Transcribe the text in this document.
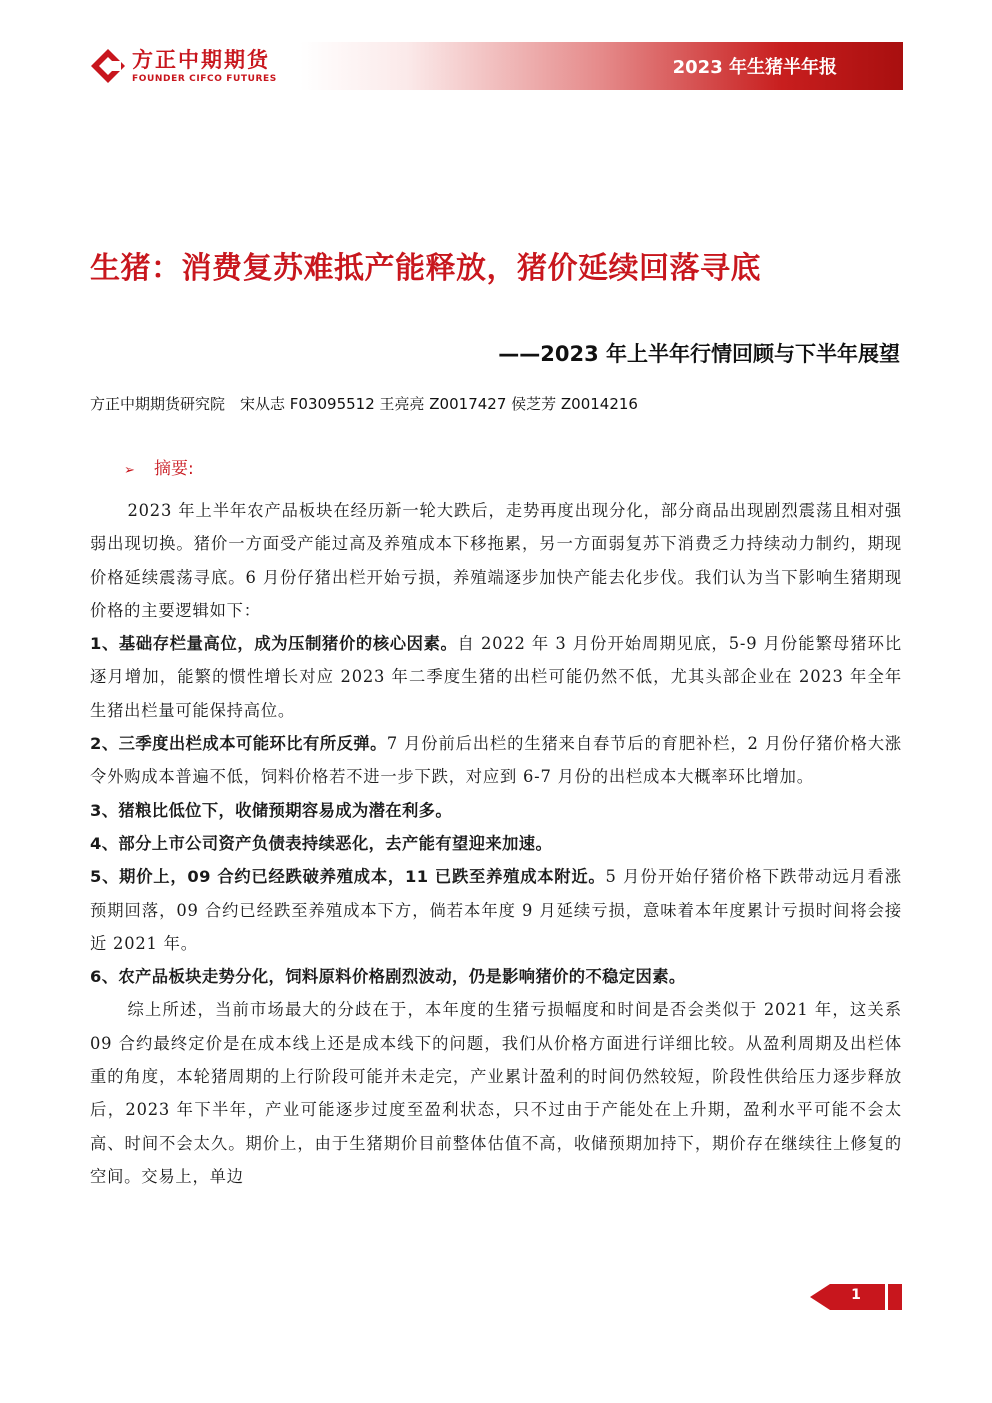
方正中期期货
FOUNDER CIFCO FUTURES
2023 年生猪半年报
生猪：消费复苏难抵产能释放，猪价延续回落寻底
——2023 年上半年行情回顾与下半年展望
方正中期期货研究院　宋从志 F03095512 王亮亮 Z0017427 侯芝芳 Z0014216
➢ 摘要:

2023 年上半年农产品板块在经历新一轮大跌后，走势再度出现分化，部分商品出现剧烈震荡且相对强弱出现切换。猪价一方面受产能过高及养殖成本下移拖累，另一方面弱复苏下消费乏力持续动力制约，期现价格延续震荡寻底。6 月份仔猪出栏开始亏损，养殖端逐步加快产能去化步伐。我们认为当下影响生猪期现价格的主要逻辑如下：

1、基础存栏量高位，成为压制猪价的核心因素。自 2022 年 3 月份开始周期见底，5-9 月份能繁母猪环比逐月增加，能繁的惯性增长对应 2023 年二季度生猪的出栏可能仍然不低，尤其头部企业在 2023 年全年生猪出栏量可能保持高位。

2、三季度出栏成本可能环比有所反弹。7 月份前后出栏的生猪来自春节后的育肥补栏，2 月份仔猪价格大涨令外购成本普遍不低，饲料价格若不进一步下跌，对应到 6-7 月份的出栏成本大概率环比增加。

3、猪粮比低位下，收储预期容易成为潜在利多。

4、部分上市公司资产负债表持续恶化，去产能有望迎来加速。

5、期价上，09 合约已经跌破养殖成本，11 已跌至养殖成本附近。5 月份开始仔猪价格下跌带动远月看涨预期回落，09 合约已经跌至养殖成本下方，倘若本年度 9 月延续亏损，意味着本年度累计亏损时间将会接近 2021 年。

6、农产品板块走势分化，饲料原料价格剧烈波动，仍是影响猪价的不稳定因素。

综上所述，当前市场最大的分歧在于，本年度的生猪亏损幅度和时间是否会类似于 2021 年，这关系 09 合约最终定价是在成本线上还是成本线下的问题，我们从价格方面进行详细比较。从盈利周期及出栏体重的角度，本轮猪周期的上行阶段可能并未走完，产业累计盈利的时间仍然较短，阶段性供给压力逐步释放后，2023 年下半年，产业可能逐步过度至盈利状态，只不过由于产能处在上升期，盈利水平可能不会太高、时间不会太久。期价上，由于生猪期价目前整体估值不高，收储预期加持下，期价存在继续往上修复的空间。交易上，单边

1
